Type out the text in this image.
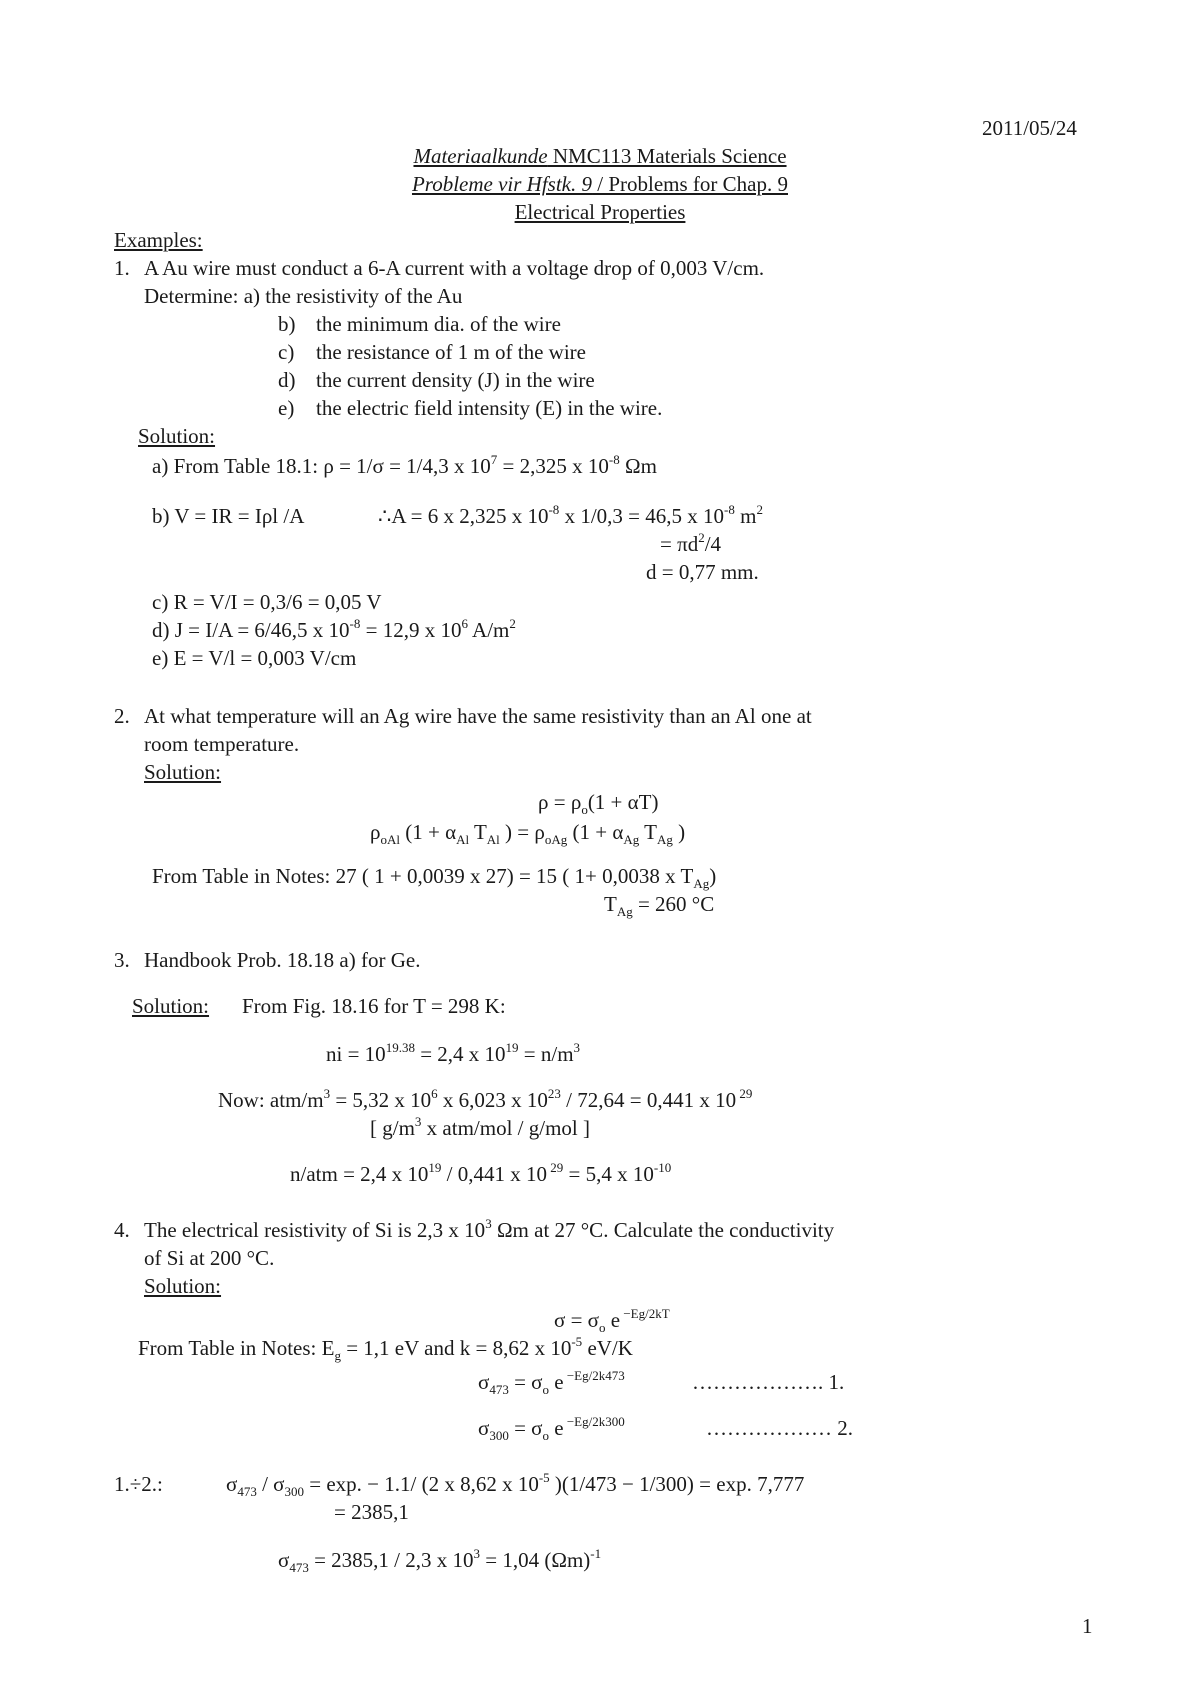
2011/05/24
Materiaalkunde NMC113 Materials Science
Probleme vir Hfstk. 9 / Problems for Chap. 9
Electrical Properties
Examples:
1. A Au wire must conduct a 6-A current with a voltage drop of 0,003 V/cm.
Determine: a) the resistivity of the Au
b) the minimum dia. of the wire
c) the resistance of 1 m of the wire
d) the current density (J) in the wire
e) the electric field intensity (E) in the wire.
Solution:
a) From Table 18.1: ρ = 1/σ = 1/4,3 x $10^7 = 2,325$ x $10^{-8}$ Ωm
b) V = IR = Iρl /A	∴A = 6 x 2,325 x $10^{-8}$ x 1/0,3 = 46,5 x $10^{-8}$ $m^2$
= $\pi d^2/4$
d = 0,77 mm.
c) R = V/I = 0,3/6 = 0,05 V
d) J = I/A = 6/46,5 x $10^{-8} = 12,9$ x $10^6$ $A/m^2$
e) E = V/l = 0,003 V/cm
2. At what temperature will an Ag wire have the same resistivity than an Al one at
room temperature.
Solution:
$\rho = \rho_o(1 + \alpha T)$
$\rho_{oAl}$ ($1 + \alpha_{Al}$ $T_{Al}$ ) = $\rho_{oAg}$ ($1 + \alpha_{Ag}$ $T_{Ag}$ )
From Table in Notes: 27 ( 1 + 0,0039 x 27) = 15 ( 1+ 0,0038 x $T_{Ag}$)
$T_{Ag} = 260$ °C
3. Handbook Prob. 18.18 a) for Ge.
Solution: From Fig. 18.16 for T = 298 K:
ni = $10^{19.38} = 2,4$ x $10^{19} = n/m^3$
Now: atm/$m^3 = 5,32$ x $10^6$ x 6,023 x $10^{23} / 72,64 = 0,441$ x 10 $^{29}$
[ $g/m^3$ x atm/mol / g/mol ]
n/atm = 2,4 x $10^{19} / 0,441$ x 10 $^{29}$ = 5,4 x $10^{-10}$
4. The electrical resistivity of Si is 2,3 x $10^3$ Ωm at 27 °C. Calculate the conductivity
of Si at 200 °C.
Solution:
$\sigma = \sigma_o$ e $^{-Eg/2kT}$
From Table in Notes: $E_g = 1,1$ eV and k = 8,62 x $10^{-5}$ eV/K
$\sigma_{473} = \sigma_o$ e $^{-Eg/2k473}$	………………. 1.
$\sigma_{300} = \sigma_o$ e $^{-Eg/2k300}$	……………… 2.
1.÷2.:	$\sigma_{473} / \sigma_{300} = \exp$. − 1.1/ (2 x 8,62 x $10^{-5}$ )(1/473 − 1/300) = exp. 7,777
= 2385,1
$\sigma_{473} = 2385,1 / 2,3$ x $10^3 = 1,04$ $(\Omega m)^{-1}$
1
